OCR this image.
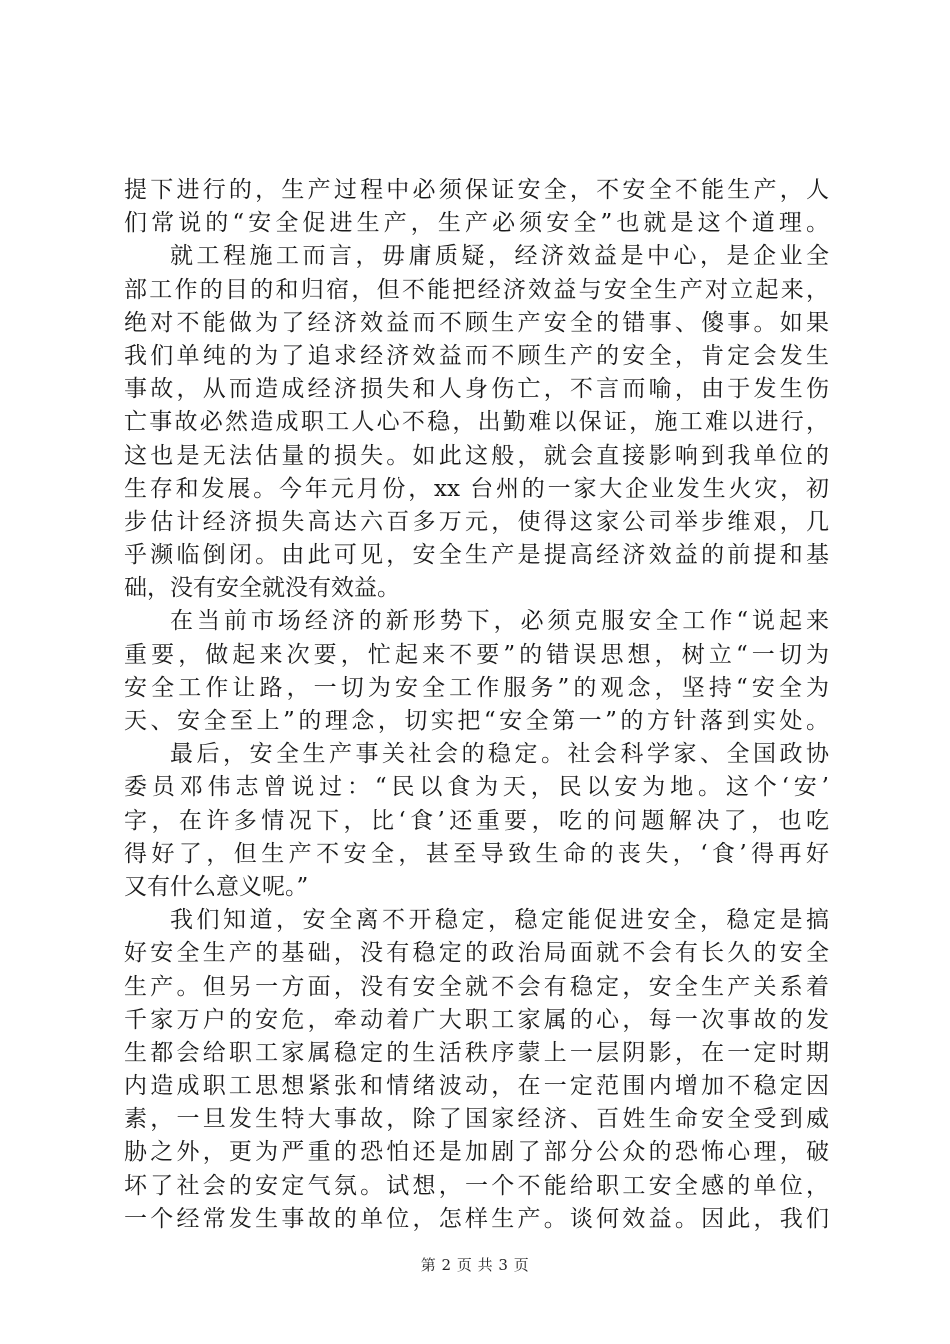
提下进行的，生产过程中必须保证安全，不安全不能生产，人
们常说的“安全促进生产，生产必须安全”也就是这个道理。
就工程施工而言，毋庸质疑，经济效益是中心，是企业全
部工作的目的和归宿，但不能把经济效益与安全生产对立起来，
绝对不能做为了经济效益而不顾生产安全的错事、傻事。如果
我们单纯的为了追求经济效益而不顾生产的安全，肯定会发生
事故，从而造成经济损失和人身伤亡，不言而喻，由于发生伤
亡事故必然造成职工人心不稳，出勤难以保证，施工难以进行，
这也是无法估量的损失。如此这般，就会直接影响到我单位的
生存和发展。今年元月份，xx 台州的一家大企业发生火灾，初
步估计经济损失高达六百多万元，使得这家公司举步维艰，几
乎濒临倒闭。由此可见，安全生产是提高经济效益的前提和基
础，没有安全就没有效益。
在当前市场经济的新形势下，必须克服安全工作“说起来
重要，做起来次要，忙起来不要”的错误思想，树立“一切为
安全工作让路，一切为安全工作服务”的观念，坚持“安全为
天、安全至上”的理念，切实把“安全第一”的方针落到实处。
最后，安全生产事关社会的稳定。社会科学家、全国政协
委员邓伟志曾说过：“民以食为天，民以安为地。这个‘安’
字，在许多情况下，比‘食’还重要，吃的问题解决了，也吃
得好了，但生产不安全，甚至导致生命的丧失，‘食’得再好
又有什么意义呢。”
我们知道，安全离不开稳定，稳定能促进安全，稳定是搞
好安全生产的基础，没有稳定的政治局面就不会有长久的安全
生产。但另一方面，没有安全就不会有稳定，安全生产关系着
千家万户的安危，牵动着广大职工家属的心，每一次事故的发
生都会给职工家属稳定的生活秩序蒙上一层阴影，在一定时期
内造成职工思想紧张和情绪波动，在一定范围内增加不稳定因
素，一旦发生特大事故，除了国家经济、百姓生命安全受到威
胁之外，更为严重的恐怕还是加剧了部分公众的恐怖心理，破
坏了社会的安定气氛。试想，一个不能给职工安全感的单位，
一个经常发生事故的单位，怎样生产。谈何效益。因此，我们
第 2 页 共 3 页
